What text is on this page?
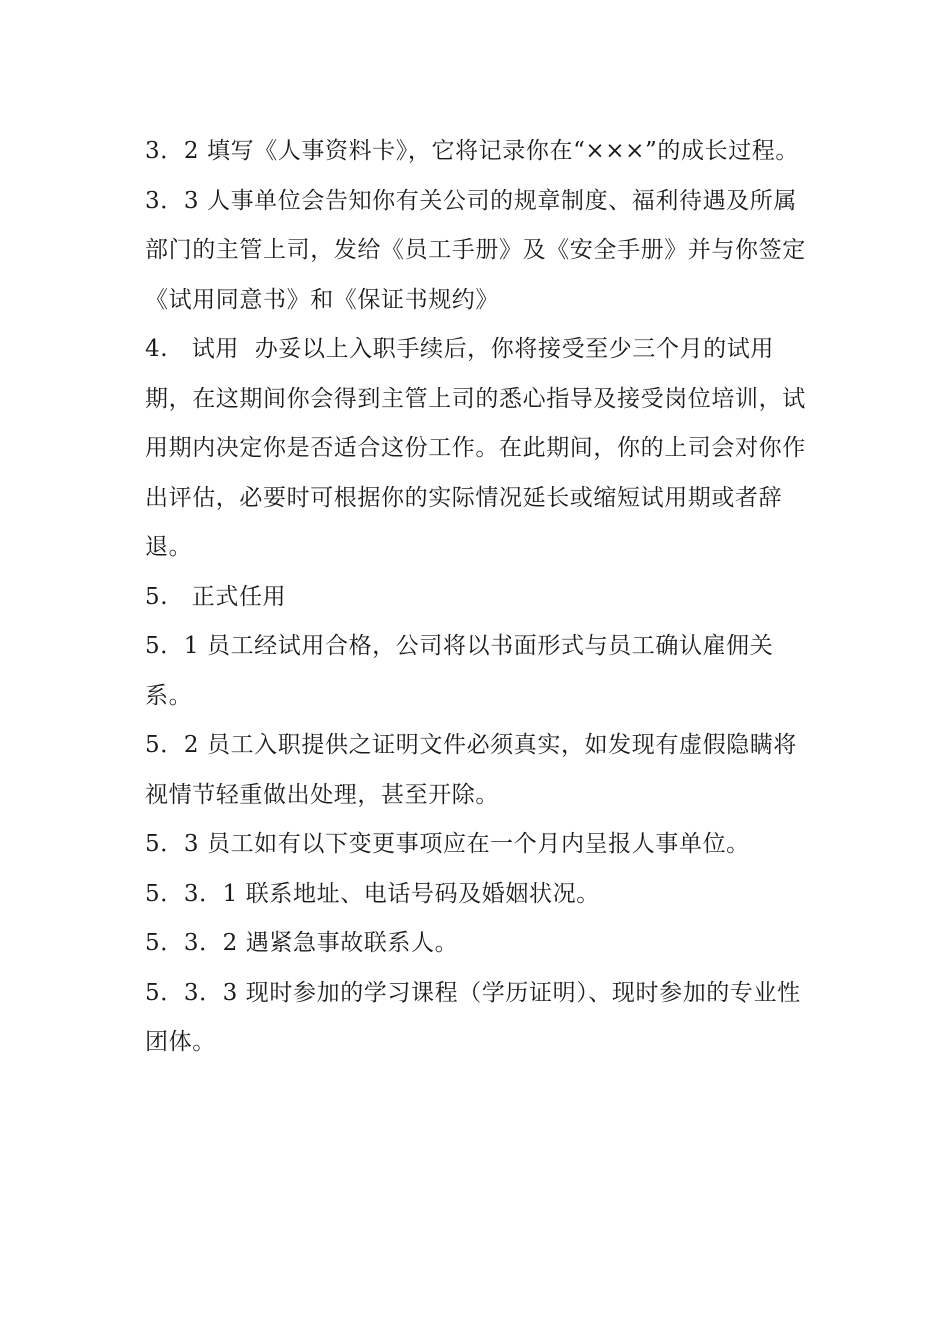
3．2 填写《人事资料卡》，它将记录你在“×××”的成长过程。

3．3 人事单位会告知你有关公司的规章制度、福利待遇及所属部门的主管上司，发给《员工手册》及《安全手册》并与你签定《试用同意书》和《保证书规约》

4.　试用  办妥以上入职手续后，你将接受至少三个月的试用期，在这期间你会得到主管上司的悉心指导及接受岗位培训，试用期内决定你是否适合这份工作。在此期间，你的上司会对你作出评估，必要时可根据你的实际情况延长或缩短试用期或者辞退。

5.　正式任用

5．1 员工经试用合格，公司将以书面形式与员工确认雇佣关系。

5．2 员工入职提供之证明文件必须真实，如发现有虚假隐瞒将视情节轻重做出处理，甚至开除。

5．3 员工如有以下变更事项应在一个月内呈报人事单位。

5．3．1 联系地址、电话号码及婚姻状况。

5．3．2 遇紧急事故联系人。

5．3．3 现时参加的学习课程（学历证明）、现时参加的专业性团体。
